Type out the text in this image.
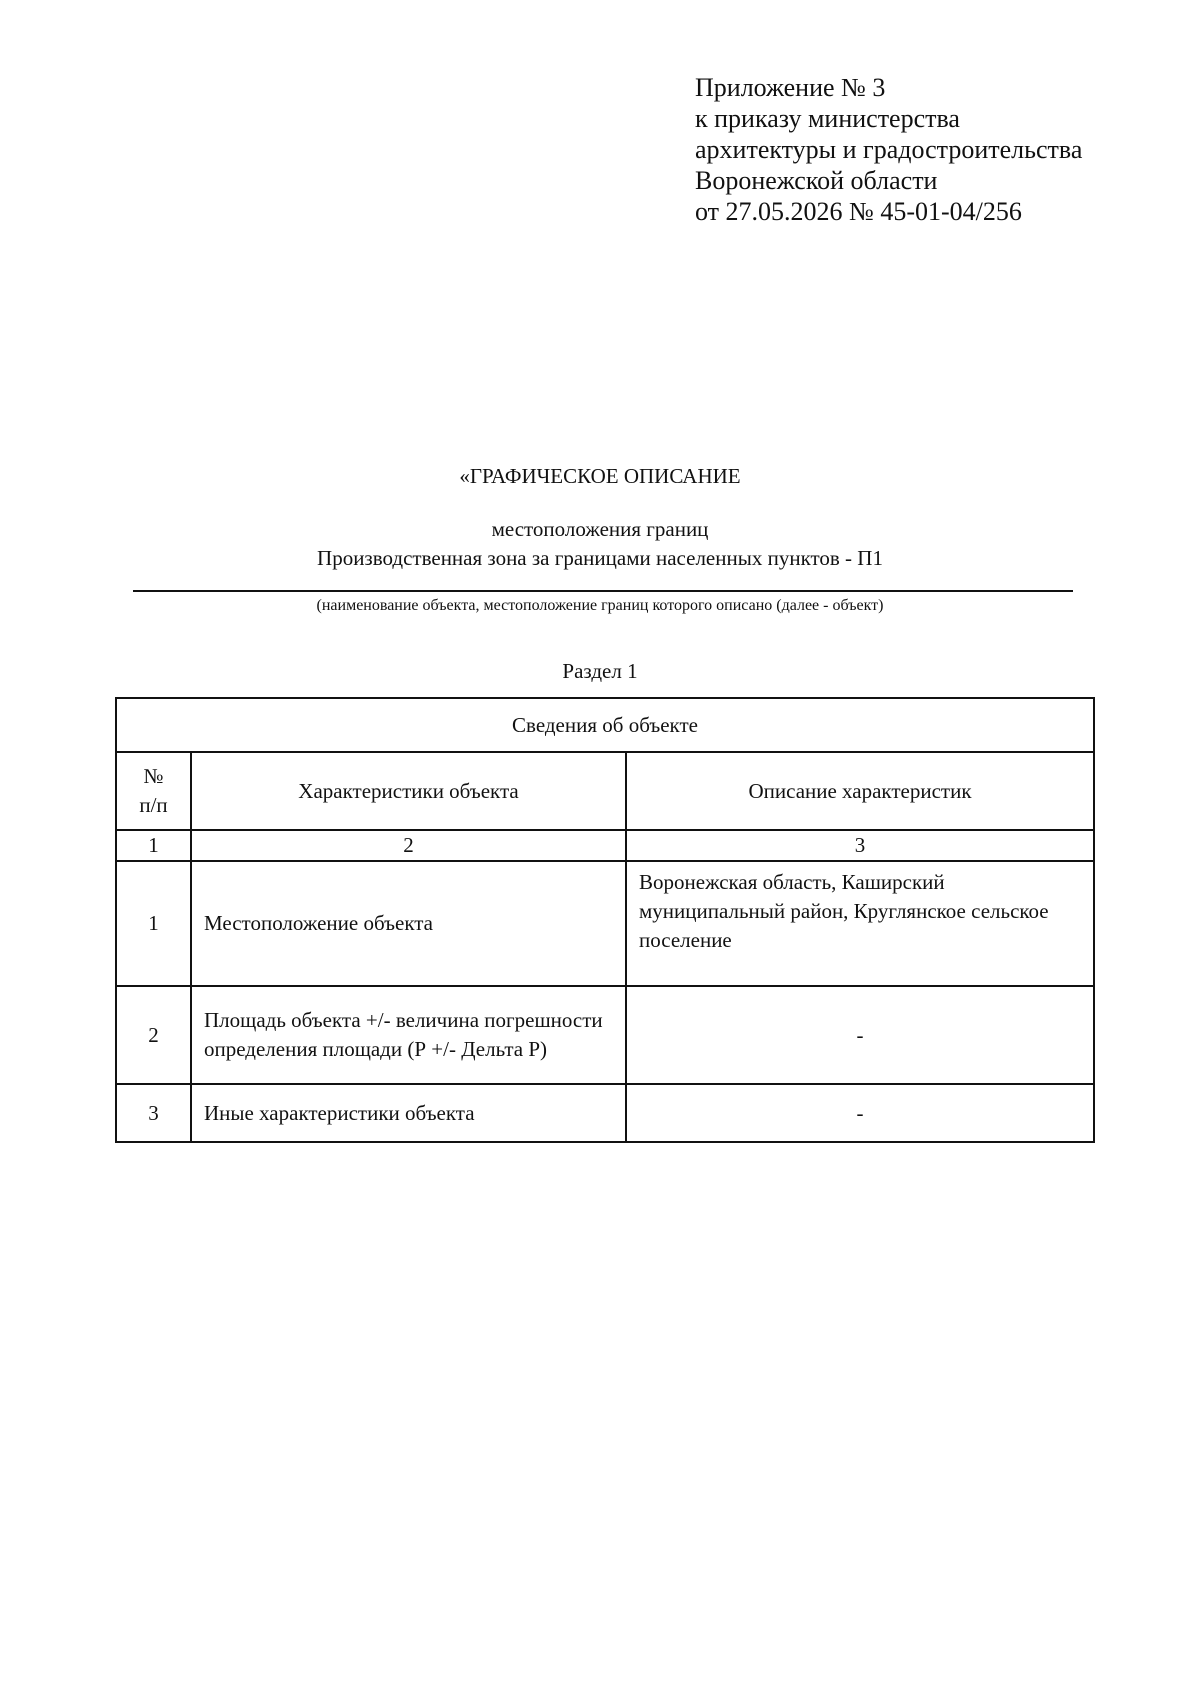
Приложение № 3
к приказу министерства
архитектуры и градостроительства
Воронежской области
от 27.05.2026 № 45-01-04/256
«ГРАФИЧЕСКОЕ ОПИСАНИЕ
местоположения границ
Производственная зона за границами населенных пунктов - П1
(наименование объекта, местоположение границ которого описано (далее - объект)
Раздел 1
Сведения об объекте		

№
п/п	Характеристики объекта	Описание характеристик
1	2	3
1	Местоположение объекта	Воронежская область, Каширский муниципальный район, Круглянское сельское поселение
2	Площадь объекта +/- величина погрешности определения площади (Р +/- Дельта Р)	-
3	Иные характеристики объекта	-
